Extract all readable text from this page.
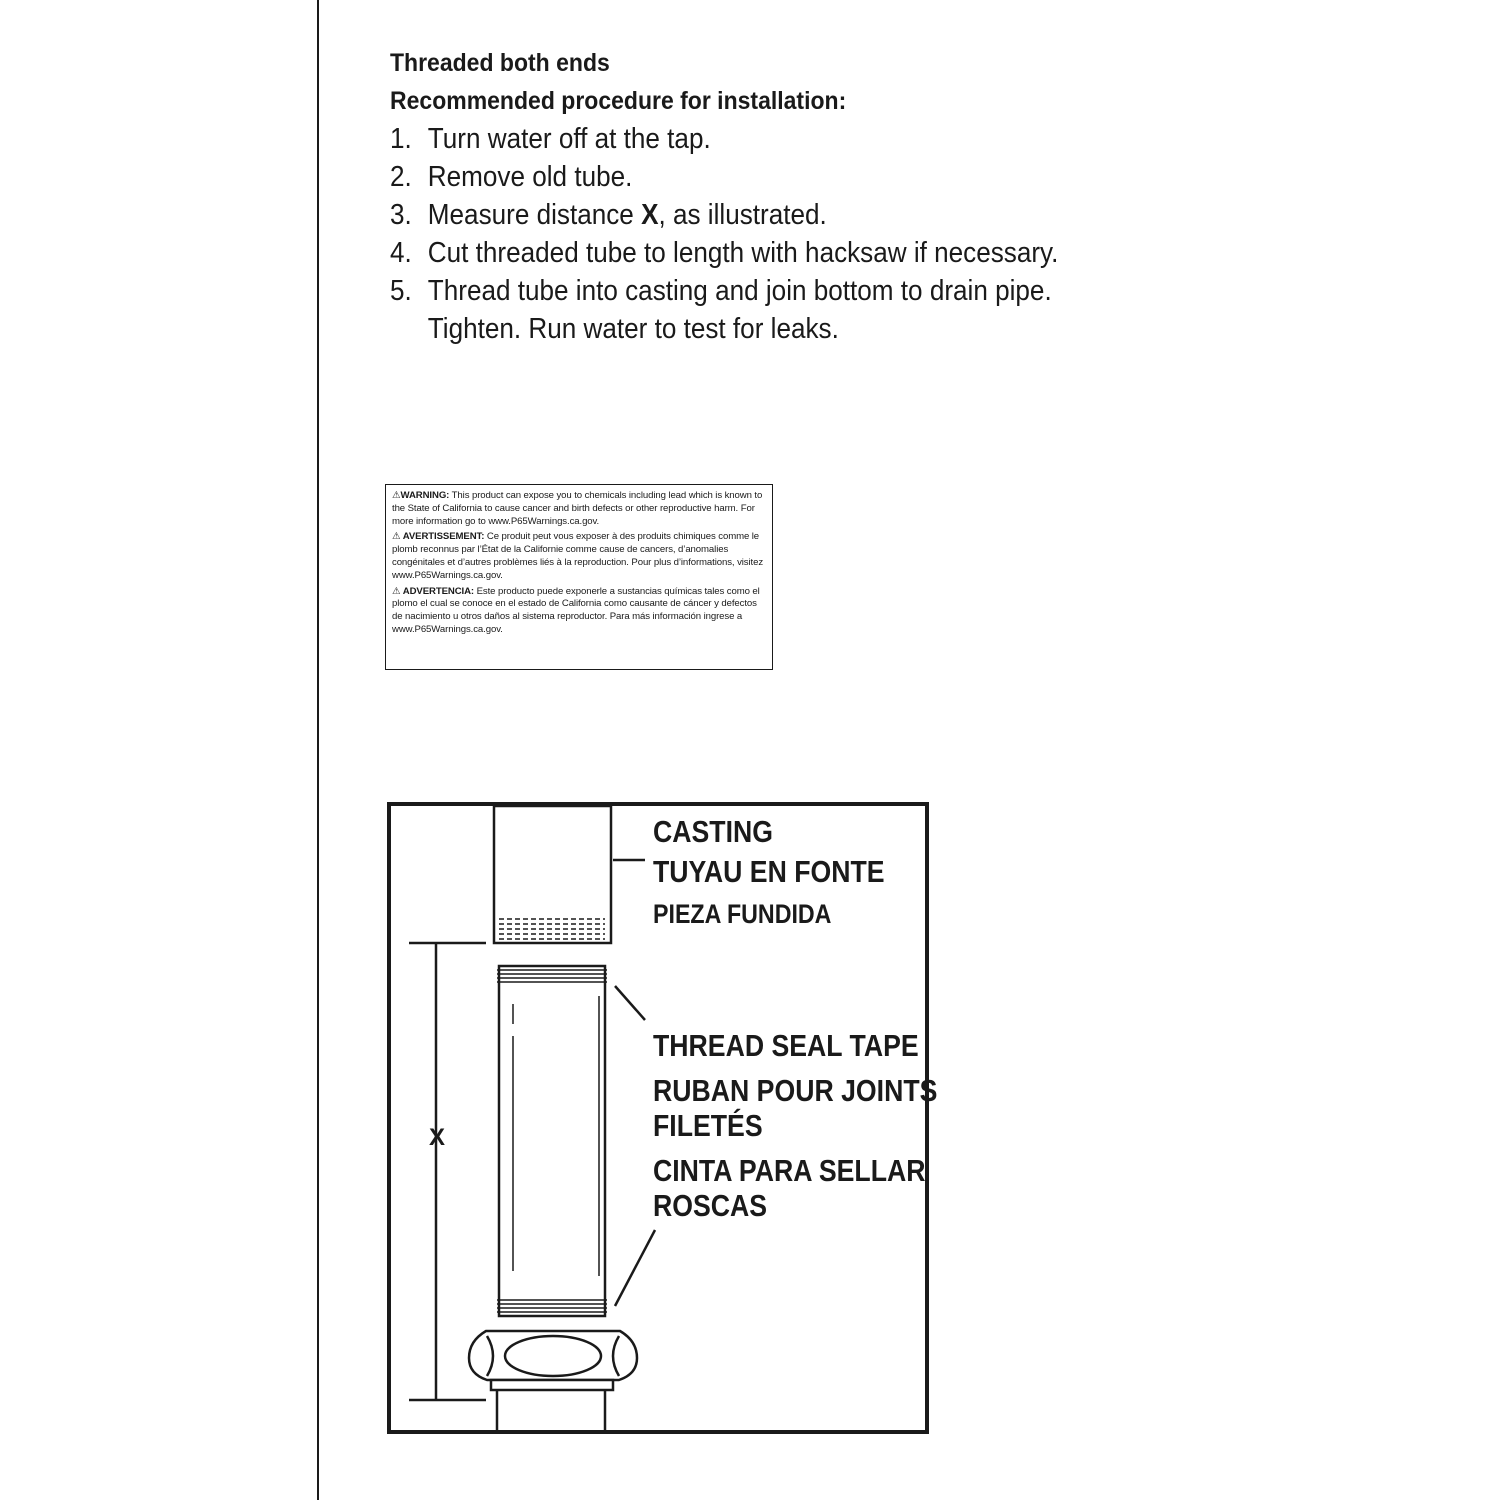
Threaded both ends
Recommended procedure for installation:
1. Turn water off at the tap.
2. Remove old tube.
3. Measure distance X, as illustrated.
4. Cut threaded tube to length with hacksaw if necessary.
5. Thread tube into casting and join bottom to drain pipe.
Tighten. Run water to test for leaks.

⚠WARNING: This product can expose you to chemicals including lead which is known to the State of California to cause cancer and birth defects or other reproductive harm. For more information go to www.P65Warnings.ca.gov.

⚠ AVERTISSEMENT: Ce produit peut vous exposer à des produits chimiques comme le plomb reconnus par l’État de la Californie comme cause de cancers, d’anomalies congénitales et d’autres problèmes liés à la reproduction. Pour plus d’informations, visitez www.P65Warnings.ca.gov.

⚠ ADVERTENCIA: Este producto puede exponerle a sustancias químicas tales como el plomo el cual se conoce en el estado de California como causante de cáncer y defectos de nacimiento u otros daños al sistema reproductor. Para más información ingrese a www.P65Warnings.ca.gov.

X
CASTING
TUYAU EN FONTE
PIEZA FUNDIDA
THREAD SEAL TAPE
RUBAN POUR JOINTS
FILETÉS
CINTA PARA SELLAR
ROSCAS
